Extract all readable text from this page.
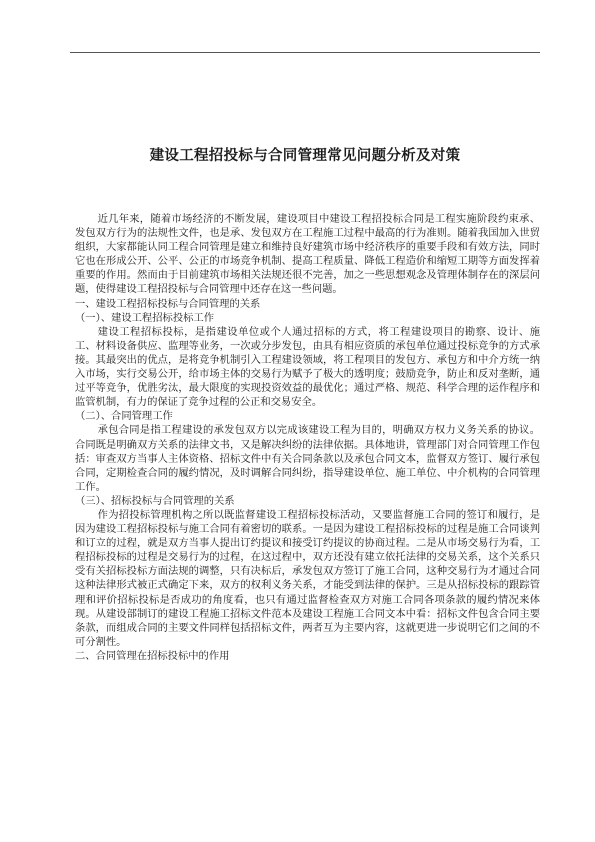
建设工程招投标与合同管理常见问题分析及对策

近几年来，随着市场经济的不断发展，建设项目中建设工程招投标合同是工程实施阶段约束承、发包双方行为的法规性文件，也是承、发包双方在工程施工过程中最高的行为准则。随着我国加入世贸组织，大家都能认同工程合同管理是建立和维持良好建筑市场中经济秩序的重要手段和有效方法，同时它也在形成公开、公平、公正的市场竞争机制、提高工程质量、降低工程造价和缩短工期等方面发挥着重要的作用。然而由于目前建筑市场相关法规还很不完善，加之一些思想观念及管理体制存在的深层问题，使得建设工程招投标与合同管理中还存在这一些问题。

一、建设工程招标投标与合同管理的关系

（一）、建设工程招标投标工作

建设工程招标投标，是指建设单位或个人通过招标的方式，将工程建设项目的勘察、设计、施工、材料设备供应、监理等业务，一次或分步发包，由具有相应资质的承包单位通过投标竞争的方式承接。其最突出的优点，是将竞争机制引入工程建设领域，将工程项目的发包方、承包方和中介方统一纳入市场，实行交易公开，给市场主体的交易行为赋予了极大的透明度；鼓励竞争，防止和反对垄断，通过平等竞争，优胜劣汰，最大限度的实现投资效益的最优化；通过严格、规范、科学合理的运作程序和监管机制，有力的保证了竞争过程的公正和交易安全。

（二）、合同管理工作

承包合同是指工程建设的承发包双方以完成该建设工程为目的，明确双方权力义务关系的协议。合同既是明确双方关系的法律文书，又是解决纠纷的法律依据。具体地讲，管理部门对合同管理工作包括：审查双方当事人主体资格、招标文件中有关合同条款以及承包合同文本，监督双方签订、履行承包合同，定期检查合同的履约情况，及时调解合同纠纷，指导建设单位、施工单位、中介机构的合同管理工作。

（三）、招标投标与合同管理的关系

作为招投标管理机构之所以既监督建设工程招标投标活动，又要监督施工合同的签订和履行，是因为建设工程招标投标与施工合同有着密切的联系。一是因为建设工程招标投标的过程是施工合同谈判和订立的过程，就是双方当事人提出订约提议和接受订约提议的协商过程。二是从市场交易行为看，工程招标投标的过程是交易行为的过程，在这过程中，双方还没有建立依托法律的交易关系，这个关系只受有关招标投标方面法规的调整，只有决标后，承发包双方签订了施工合同，这种交易行为才通过合同这种法律形式被正式确定下来，双方的权利义务关系，才能受到法律的保护。三是从招标投标的跟踪管理和评价招标投标是否成功的角度看，也只有通过监督检查双方对施工合同各项条款的履约情况来体现。从建设部制订的建设工程施工招标文件范本及建设工程施工合同文本中看：招标文件包含合同主要条款，而组成合同的主要文件同样包括招标文件，两者互为主要内容，这就更进一步说明它们之间的不可分割性。

二、合同管理在招标投标中的作用
